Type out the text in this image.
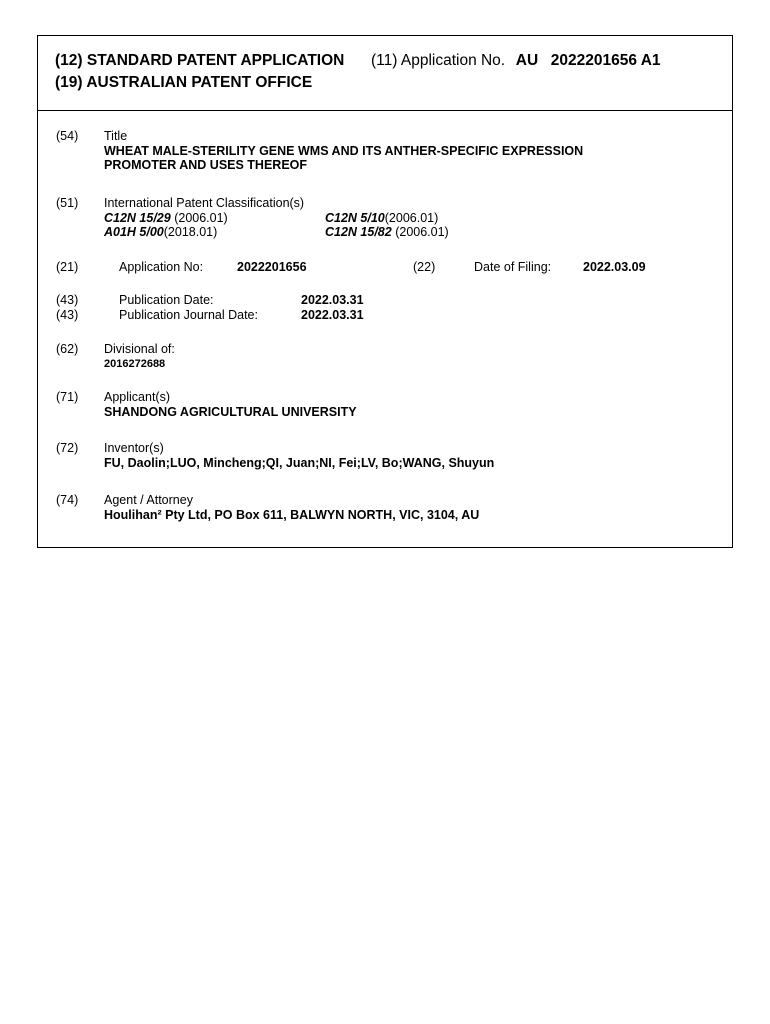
(12) STANDARD PATENT APPLICATION (11) Application No. AU 2022201656 A1
(19) AUSTRALIAN PATENT OFFICE
(54) Title
WHEAT MALE-STERILITY GENE WMS AND ITS ANTHER-SPECIFIC EXPRESSION
PROMOTER AND USES THEREOF
(51) International Patent Classification(s)
C12N 15/29 (2006.01)	C12N 5/10(2006.01)
A01H 5/00(2018.01)	C12N 15/82 (2006.01)
(21)	Application No:	2022201656	(22)	Date of Filing:	2022.03.09
(43)	Publication Date:	2022.03.31
(43)	Publication Journal Date:	2022.03.31
(62) Divisional of:
2016272688
(71) Applicant(s)
SHANDONG AGRICULTURAL UNIVERSITY
(72) Inventor(s)
FU, Daolin;LUO, Mincheng;QI, Juan;NI, Fei;LV, Bo;WANG, Shuyun
(74) Agent / Attorney
Houlihan² Pty Ltd, PO Box 611, BALWYN NORTH, VIC, 3104, AU
